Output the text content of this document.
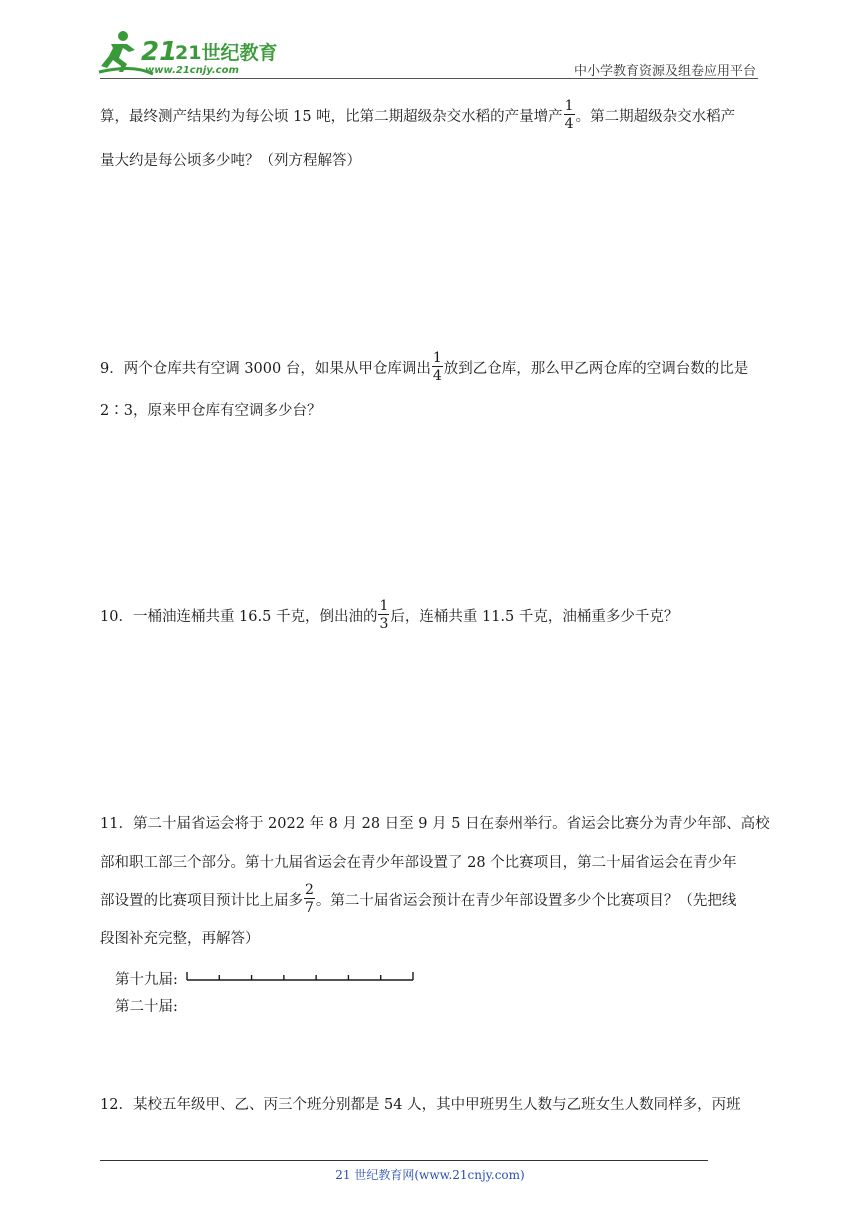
21
21世纪教育
www.21cnjy.com	中小学教育资源及组卷应用平台
算，最终测产结果约为每公顷 15 吨，比第二期超级杂交水稻的产量增产 $\frac{1}{4}$ 。第二期超级杂交水稻产
量大约是每公顷多少吨？（列方程解答）
9．两个仓库共有空调 3000 台，如果从甲仓库调出 $\frac{1}{4}$ 放到乙仓库，那么甲乙两仓库的空调台数的比是
2∶3，原来甲仓库有空调多少台？
10．一桶油连桶共重 16.5 千克，倒出油的 $\frac{1}{3}$ 后，连桶共重 11.5 千克，油桶重多少千克？
11．第二十届省运会将于 2022 年 8 月 28 日至 9 月 5 日在泰州举行。省运会比赛分为青少年部、高校
部和职工部三个部分。第十九届省运会在青少年部设置了 28 个比赛项目，第二十届省运会在青少年
部设置的比赛项目预计比上届多 $\frac{2}{7}$ 。第二十届省运会预计在青少年部设置多少个比赛项目？（先把线
段图补充完整，再解答）
第十九届:
第二十届:
12．某校五年级甲、乙、丙三个班分别都是 54 人，其中甲班男生人数与乙班女生人数同样多，丙班
21 世纪教育网(www.21cnjy.com)
